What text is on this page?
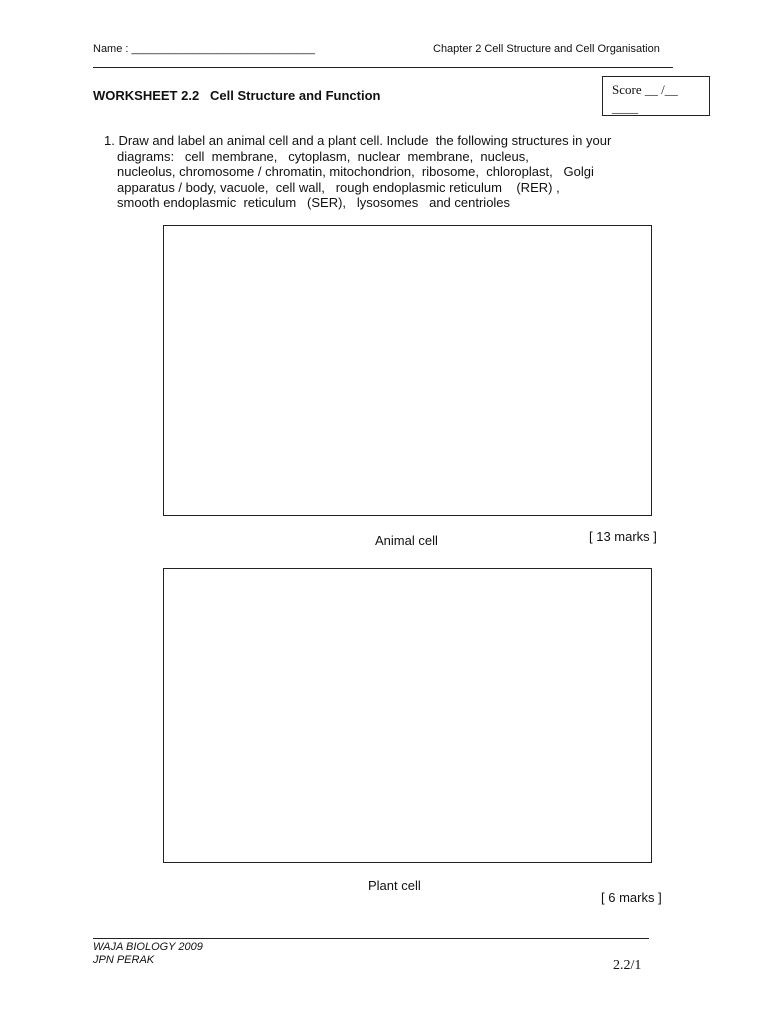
Name : ______________________________	Chapter 2 Cell Structure and Cell Organisation
WORKSHEET 2.2   Cell Structure and Function	Score __ /__
____
1. Draw and label an animal cell and a plant cell. Include  the following structures in your
diagrams:   cell  membrane,   cytoplasm,  nuclear  membrane,  nucleus,
nucleolus, chromosome / chromatin, mitochondrion,  ribosome,  chloroplast,   Golgi
apparatus / body, vacuole,  cell wall,   rough endoplasmic reticulum    (RER) ,
smooth endoplasmic  reticulum   (SER),   lysosomes   and centrioles
Animal cell	[ 13 marks ]
Plant cell
[ 6 marks ]
WAJA BIOLOGY 2009
JPN PERAK	2.2/1
